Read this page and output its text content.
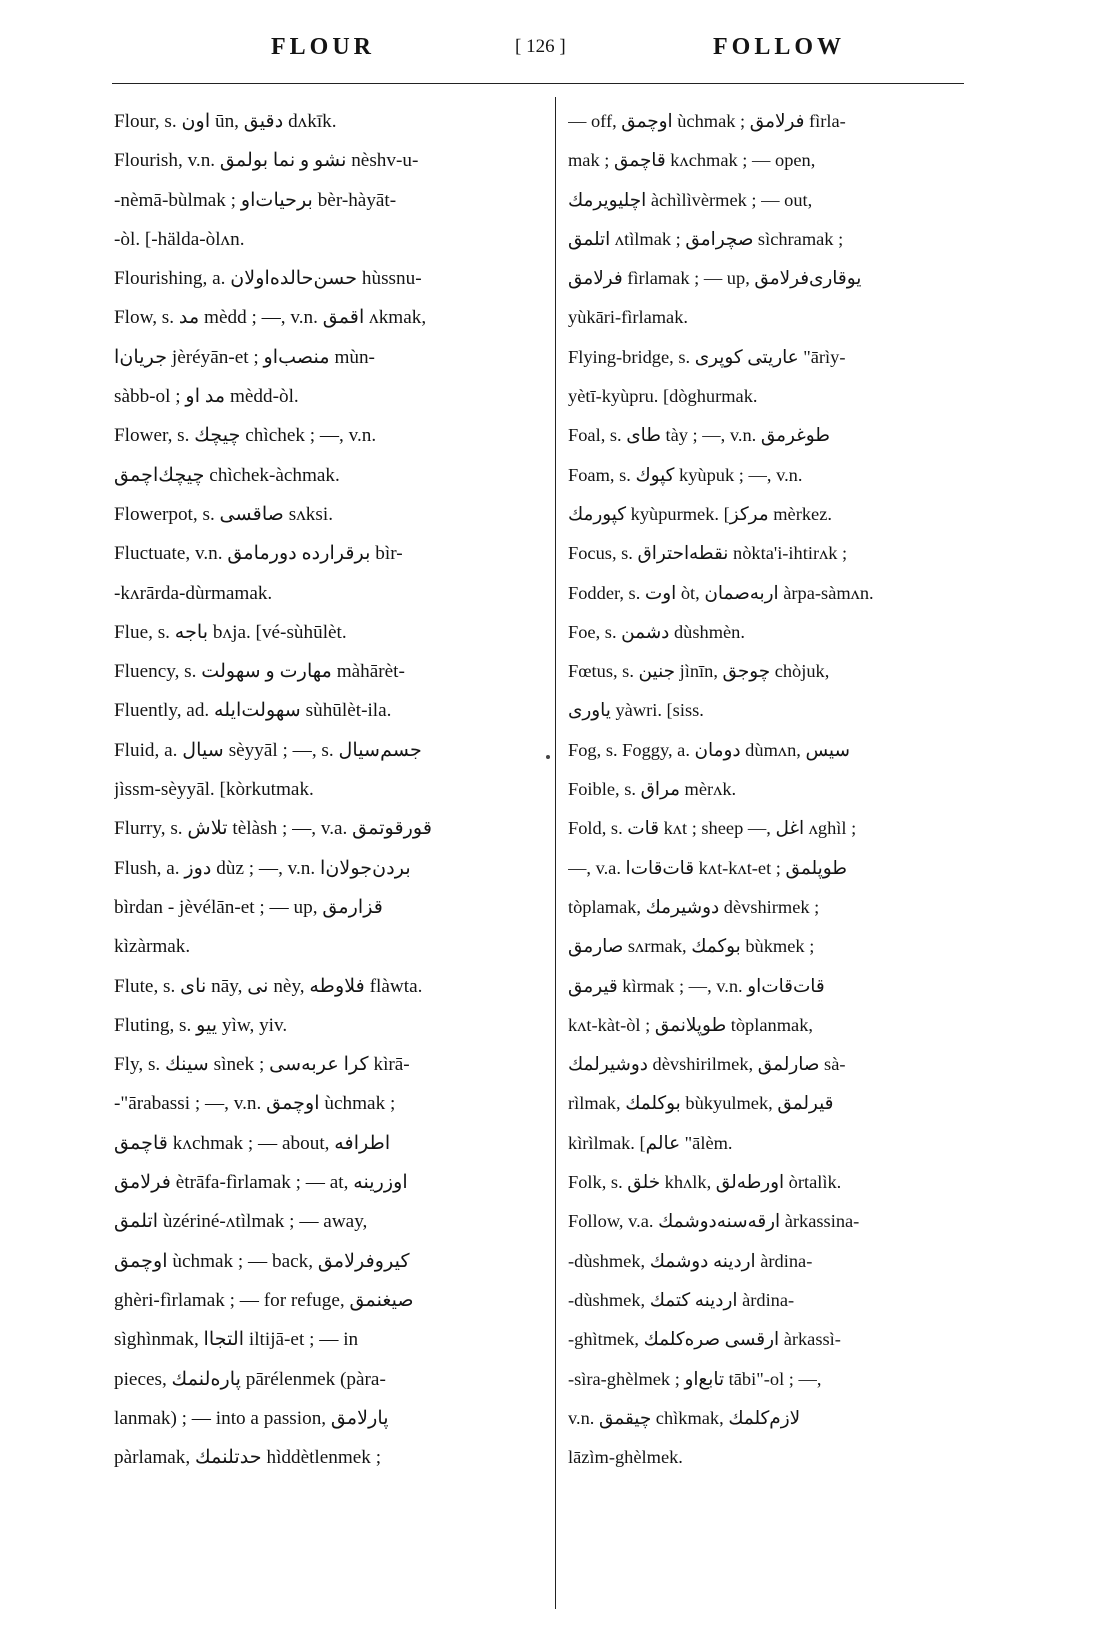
FLOUR	[ 126 ]	FOLLOW
Flour, s. اون ūn, دقيق dʌkīk.
Flourish, v.n. نشو و نما بولمق nèshv-u-
-nèmā-bùlmak ; برحيات‌او bèr-hàyāt-
-òl. [-hälda-òlʌn.
Flourishing, a. حسن‌حالده‌اولان hùssnu-
Flow, s. مد mèdd ; —, v.n. اقمق ʌkmak,
جريان‌ا jèréyān-et ; منصب‌او mùn-
sàbb-ol ; مد او mèdd-òl.
Flower, s. چيچك chìchek ; —, v.n.
چيچك‌اچمق chìchek-àchmak.
Flowerpot, s. صاقسى sʌksi.
Fluctuate, v.n. برقرارده دورمامق bìr-
-kʌrārda-dùrmamak.
Flue, s. باجه bʌja. [vé-sùhūlèt.
Fluency, s. مهارت و سهولت màhārèt-
Fluently, ad. سهولت‌ايله sùhūlèt-ila.
Fluid, a. سيال sèyyāl ; —, s. جسم‌سيال
jìssm-sèyyāl. [kòrkutmak.
Flurry, s. تلاش tèlàsh ; —, v.a. قورقوتمق
Flush, a. دوز dùz ; —, v.n. بردن‌جولان‌ا
bìrdan - jèvélān-et ; — up, قزارمق
kìzàrmak.
Flute, s. ناى nāy, نى nèy, فلاوطه flàwta.
Fluting, s. ييو yìw, yiv.
Fly, s. سينك sìnek ; كرا عربه‌سى kìrā-
-"ārabassi ; —, v.n. اوچمق ùchmak ;
قاچمق kʌchmak ; — about, اطرافه
فرلامق ètrāfa-fìrlamak ; — at, اوزرينه
اتلمق ùzériné-ʌtìlmak ; — away,
اوچمق ùchmak ; — back, كيروفرلامق
ghèri-fìrlamak ; — for refuge, صيغنمق
sìghìnmak, التجاا iltijā-et ; — in
pieces, پاره‌لنمك pārélenmek (pàra-
lanmak) ; — into a passion, پارلامق
pàrlamak, حدتلنمك hìddètlenmek ;
— off, اوچمق ùchmak ; فرلامق fìrla-
mak ; قاچمق kʌchmak ; — open,
اچليويرمك àchìlìvèrmek ; — out,
اتلمق ʌtìlmak ; صچرامق sìchramak ;
فرلامق fìrlamak ; — up, يوقارى‌فرلامق
yùkāri-fìrlamak.
Flying-bridge, s. عاريتى كوپرى "ārìy-
yètī-kyùpru. [dòghurmak.
Foal, s. طاى tày ; —, v.n. طوغرمق
Foam, s. كپوك kyùpuk ; —, v.n.
كپورمك kyùpurmek. [مركز mèrkez.
Focus, s. نقطه‌احتراق nòkta'i-ihtirʌk ;
Fodder, s. اوت òt, اربه‌صمان àrpa-sàmʌn.
Foe, s. دشمن dùshmèn.
Fœtus, s. جنين jìnīn, چوجق chòjuk,
ياورى yàwri. [siss.
Fog, s. Foggy, a. دومان dùmʌn, سيس
Foible, s. مراق mèrʌk.
Fold, s. قات kʌt ; sheep —, اغل ʌghìl ;
—, v.a. قات‌قات‌ا kʌt-kʌt-et ; طوپلمق
tòplamak, دوشيرمك dèvshirmek ;
صارمق sʌrmak, بوكمك bùkmek ;
قيرمق kìrmak ; —, v.n. قات‌قات‌او
kʌt-kàt-òl ; طوپلانمق tòplanmak,
دوشيرلمك dèvshirilmek, صارلمق sà-
rìlmak, بوكلمك bùkyulmek, قيرلمق
kìrìlmak. [عالم "ālèm.
Folk, s. خلق khʌlk, اورطه‌لق òrtalìk.
Follow, v.a. ارقه‌سنه‌دوشمك àrkassina-
-dùshmek, اردينه دوشمك àrdina-
-dùshmek, اردينه كتمك àrdina-
-ghìtmek, ارقسى صره‌كلمك àrkassì-
-sìra-ghèlmek ; تابع‌او tābi"-ol ; —,
v.n. چيقمق chìkmak, لازم‌كلمك
lāzìm-ghèlmek.
